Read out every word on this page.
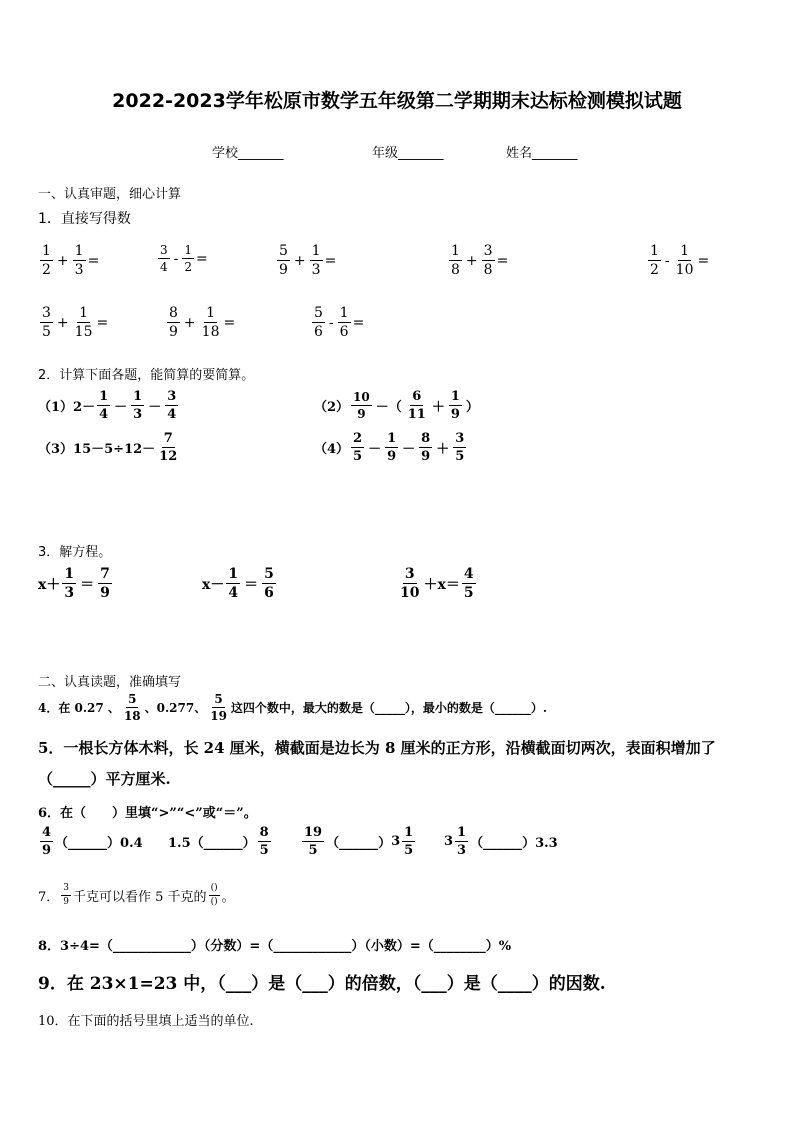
2022-2023学年松原市数学五年级第二学期期末达标检测模拟试题
学校_______	年级_______	姓名_______
一、认真审题，细心计算
1．直接写得数
$\frac{1}{2} + \frac{1}{3}$ =	$\frac{3}{4} - \frac{1}{2}$ =	$\frac{5}{9} + \frac{1}{3}$ =	$\frac{1}{8} + \frac{3}{8}$ =	$\frac{1}{2} - \frac{1}{10}$ =
$\frac{3}{5} + \frac{1}{15}$ =	$\frac{8}{9} + \frac{1}{18}$ =	$\frac{5}{6} - \frac{1}{6}$ =
2．计算下面各题，能简算的要简算。
$(1)2- \frac{1}{4} - \frac{1}{3} - \frac{3}{4}$	$(2) \frac{10}{9}$ －（ $\frac{6}{11} + \frac{1}{9}$ ）
$(3)15-5\div 12- \frac{7}{12}$	$(4) \frac{2}{5} - \frac{1}{9} - \frac{8}{9} + \frac{3}{5}$
3．解方程。
$x+ \frac{1}{3} = \frac{7}{9}$	$x- \frac{1}{4} = \frac{5}{6}$	$\frac{3}{10} +x= \frac{4}{5}$
二、认真读题，准确填写
4．在 0.27 、 $\frac{5}{18}$ 、0.277、 $\frac{5}{19}$ 这四个数中，最大的数是（_____），最小的数是（______）.
5．一根长方体木料，长 24 厘米，横截面是边长为 8 厘米的正方形，沿横截面切两次，表面积增加了
（_____）平方厘米.
6．在（　　）里填“>”“<”或“＝”。
$\frac{4}{9}$ （______）0.4 1.5（______） $\frac{8}{5} \frac{19}{5}$ （______） $3 \frac{1}{5} 3 \frac{1}{3}$ （______）3.3
7． $\frac{3}{9}$ 千克可以看作 5 千克的 $\frac{()}{()}$ 。
8．3÷4=（____________）（分数）=（____________）（小数）=（________）%
9．在 23×1=23 中，（___）是（___）的倍数，（___）是（____）的因数.
10．在下面的括号里填上适当的单位.
